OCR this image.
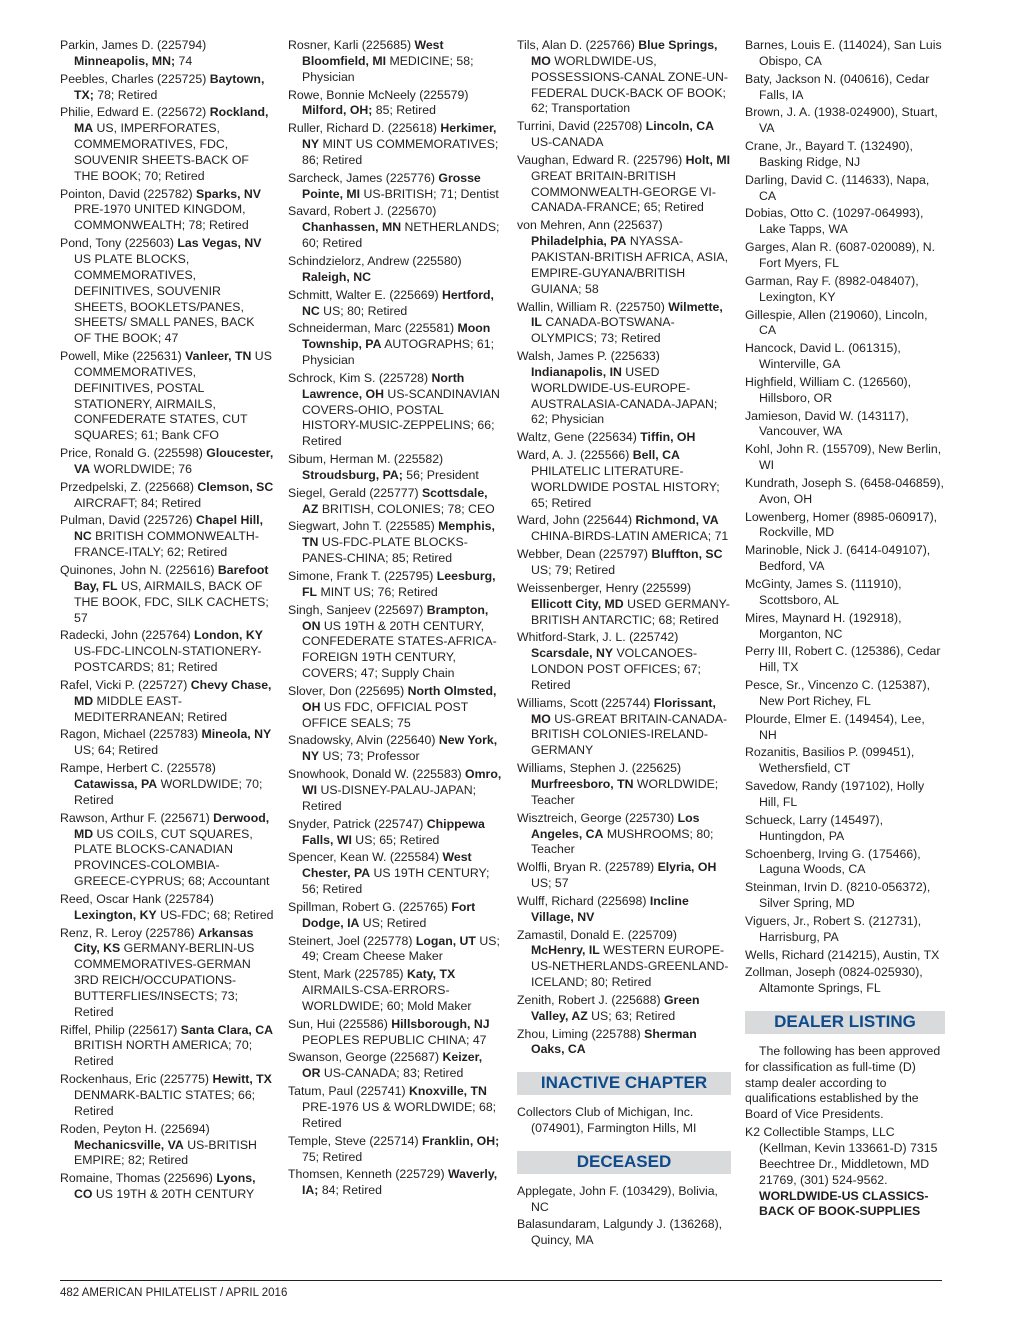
Parkin, James D. (225794) Minneapolis, MN; 74
Peebles, Charles (225725) Baytown, TX; 78; Retired
Philie, Edward E. (225672) Rockland, MA US, IMPERFORATES, COMMEMORATIVES, FDC, SOUVENIR SHEETS-BACK OF THE BOOK; 70; Retired
Pointon, David (225782) Sparks, NV PRE-1970 UNITED KINGDOM, COMMONWEALTH; 78; Retired
Pond, Tony (225603) Las Vegas, NV US PLATE BLOCKS, COMMEMORATIVES, DEFINITIVES, SOUVENIR SHEETS, BOOKLETS/PANES, SHEETS/ SMALL PANES, BACK OF THE BOOK; 47
Powell, Mike (225631) Vanleer, TN US COMMEMORATIVES, DEFINITIVES, POSTAL STATIONERY, AIRMAILS, CONFEDERATE STATES, CUT SQUARES; 61; Bank CFO
Price, Ronald G. (225598) Gloucester, VA WORLDWIDE; 76
Przedpelski, Z. (225668) Clemson, SC AIRCRAFT; 84; Retired
Pulman, David (225726) Chapel Hill, NC BRITISH COMMONWEALTH-FRANCE-ITALY; 62; Retired
Quinones, John N. (225616) Barefoot Bay, FL US, AIRMAILS, BACK OF THE BOOK, FDC, SILK CACHETS; 57
Radecki, John (225764) London, KY US-FDC-LINCOLN-STATIONERY-POSTCARDS; 81; Retired
Rafel, Vicki P. (225727) Chevy Chase, MD MIDDLE EAST-MEDITERRANEAN; Retired
Ragon, Michael (225783) Mineola, NY US; 64; Retired
Rampe, Herbert C. (225578) Catawissa, PA WORLDWIDE; 70; Retired
Rawson, Arthur F. (225671) Derwood, MD US COILS, CUT SQUARES, PLATE BLOCKS-CANADIAN PROVINCES-COLOMBIA-GREECE-CYPRUS; 68; Accountant
Reed, Oscar Hank (225784) Lexington, KY US-FDC; 68; Retired
Renz, R. Leroy (225786) Arkansas City, KS GERMANY-BERLIN-US COMMEMORATIVES-GERMAN 3RD REICH/OCCUPATIONS-BUTTERFLIES/INSECTS; 73; Retired
Riffel, Philip (225617) Santa Clara, CA BRITISH NORTH AMERICA; 70; Retired
Rockenhaus, Eric (225775) Hewitt, TX DENMARK-BALTIC STATES; 66; Retired
Roden, Peyton H. (225694) Mechanicsville, VA US-BRITISH EMPIRE; 82; Retired
Romaine, Thomas (225696) Lyons, CO US 19TH & 20TH CENTURY
Rosner, Karli (225685) West Bloomfield, MI MEDICINE; 58; Physician
Rowe, Bonnie McNeely (225579) Milford, OH; 85; Retired
Ruller, Richard D. (225618) Herkimer, NY MINT US COMMEMORATIVES; 86; Retired
Sarcheck, James (225776) Grosse Pointe, MI US-BRITISH; 71; Dentist
Savard, Robert J. (225670) Chanhassen, MN NETHERLANDS; 60; Retired
Schindzielorz, Andrew (225580) Raleigh, NC
Schmitt, Walter E. (225669) Hertford, NC US; 80; Retired
Schneiderman, Marc (225581) Moon Township, PA AUTOGRAPHS; 61; Physician
Schrock, Kim S. (225728) North Lawrence, OH US-SCANDINAVIAN COVERS-OHIO, POSTAL HISTORY-MUSIC-ZEPPELINS; 66; Retired
Sibum, Herman M. (225582) Stroudsburg, PA; 56; President
Siegel, Gerald (225777) Scottsdale, AZ BRITISH, COLONIES; 78; CEO
Siegwart, John T. (225585) Memphis, TN US-FDC-PLATE BLOCKS-PANES-CHINA; 85; Retired
Simone, Frank T. (225795) Leesburg, FL MINT US; 76; Retired
Singh, Sanjeev (225697) Brampton, ON US 19TH & 20TH CENTURY, CONFEDERATE STATES-AFRICA-FOREIGN 19TH CENTURY, COVERS; 47; Supply Chain
Slover, Don (225695) North Olmsted, OH US FDC, OFFICIAL POST OFFICE SEALS; 75
Snadowsky, Alvin (225640) New York, NY US; 73; Professor
Snowhook, Donald W. (225583) Omro, WI US-DISNEY-PALAU-JAPAN; Retired
Snyder, Patrick (225747) Chippewa Falls, WI US; 65; Retired
Spencer, Kean W. (225584) West Chester, PA US 19TH CENTURY; 56; Retired
Spillman, Robert G. (225765) Fort Dodge, IA US; Retired
Steinert, Joel (225778) Logan, UT US; 49; Cream Cheese Maker
Stent, Mark (225785) Katy, TX AIRMAILS-CSA-ERRORS-WORLDWIDE; 60; Mold Maker
Sun, Hui (225586) Hillsborough, NJ PEOPLES REPUBLIC CHINA; 47
Swanson, George (225687) Keizer, OR US-CANADA; 83; Retired
Tatum, Paul (225741) Knoxville, TN PRE-1976 US & WORLDWIDE; 68; Retired
Temple, Steve (225714) Franklin, OH; 75; Retired
Thomsen, Kenneth (225729) Waverly, IA; 84; Retired
Tils, Alan D. (225766) Blue Springs, MO WORLDWIDE-US, POSSESSIONS-CANAL ZONE-UN-FEDERAL DUCK-BACK OF BOOK; 62; Transportation
Turrini, David (225708) Lincoln, CA US-CANADA
Vaughan, Edward R. (225796) Holt, MI GREAT BRITAIN-BRITISH COMMONWEALTH-GEORGE VI-CANADA-FRANCE; 65; Retired
von Mehren, Ann (225637) Philadelphia, PA NYASSA-PAKISTAN-BRITISH AFRICA, ASIA, EMPIRE-GUYANA/BRITISH GUIANA; 58
Wallin, William R. (225750) Wilmette, IL CANADA-BOTSWANA-OLYMPICS; 73; Retired
Walsh, James P. (225633) Indianapolis, IN USED WORLDWIDE-US-EUROPE-AUSTRALASIA-CANADA-JAPAN; 62; Physician
Waltz, Gene (225634) Tiffin, OH
Ward, A. J. (225566) Bell, CA PHILATELIC LITERATURE-WORLDWIDE POSTAL HISTORY; 65; Retired
Ward, John (225644) Richmond, VA CHINA-BIRDS-LATIN AMERICA; 71
Webber, Dean (225797) Bluffton, SC US; 79; Retired
Weissenberger, Henry (225599) Ellicott City, MD USED GERMANY-BRITISH ANTARCTIC; 68; Retired
Whitford-Stark, J. L. (225742) Scarsdale, NY VOLCANOES-LONDON POST OFFICES; 67; Retired
Williams, Scott (225744) Florissant, MO US-GREAT BRITAIN-CANADA-BRITISH COLONIES-IRELAND-GERMANY
Williams, Stephen J. (225625) Murfreesboro, TN WORLDWIDE; Teacher
Wisztreich, George (225730) Los Angeles, CA MUSHROOMS; 80; Teacher
Wolfli, Bryan R. (225789) Elyria, OH US; 57
Wulff, Richard (225698) Incline Village, NV
Zamastil, Donald E. (225709) McHenry, IL WESTERN EUROPE-US-NETHERLANDS-GREENLAND-ICELAND; 80; Retired
Zenith, Robert J. (225688) Green Valley, AZ US; 63; Retired
Zhou, Liming (225788) Sherman Oaks, CA
INACTIVE CHAPTER
Collectors Club of Michigan, Inc. (074901), Farmington Hills, MI
DECEASED
Applegate, John F. (103429), Bolivia, NC
Balasundaram, Lalgundy J. (136268), Quincy, MA
Barnes, Louis E. (114024), San Luis Obispo, CA
Baty, Jackson N. (040616), Cedar Falls, IA
Brown, J. A. (1938-024900), Stuart, VA
Crane, Jr., Bayard T. (132490), Basking Ridge, NJ
Darling, David C. (114633), Napa, CA
Dobias, Otto C. (10297-064993), Lake Tapps, WA
Garges, Alan R. (6087-020089), N. Fort Myers, FL
Garman, Ray F. (8982-048407), Lexington, KY
Gillespie, Allen (219060), Lincoln, CA
Hancock, David L. (061315), Winterville, GA
Highfield, William C. (126560), Hillsboro, OR
Jamieson, David W. (143117), Vancouver, WA
Kohl, John R. (155709), New Berlin, WI
Kundrath, Joseph S. (6458-046859), Avon, OH
Lowenberg, Homer (8985-060917), Rockville, MD
Marinoble, Nick J. (6414-049107), Bedford, VA
McGinty, James S. (111910), Scottsboro, AL
Mires, Maynard H. (192918), Morganton, NC
Perry III, Robert C. (125386), Cedar Hill, TX
Pesce, Sr., Vincenzo C. (125387), New Port Richey, FL
Plourde, Elmer E. (149454), Lee, NH
Rozanitis, Basilios P. (099451), Wethersfield, CT
Savedow, Randy (197102), Holly Hill, FL
Schueck, Larry (145497), Huntingdon, PA
Schoenberg, Irving G. (175466), Laguna Woods, CA
Steinman, Irvin D. (8210-056372), Silver Spring, MD
Viguers, Jr., Robert S. (212731), Harrisburg, PA
Wells, Richard (214215), Austin, TX
Zollman, Joseph (0824-025930), Altamonte Springs, FL
DEALER LISTING
The following has been approved for classification as full-time (D) stamp dealer according to qualifications established by the Board of Vice Presidents.
K2 Collectible Stamps, LLC (Kellman, Kevin 133661-D) 7315 Beechtree Dr., Middletown, MD 21769, (301) 524-9562. WORLDWIDE-US CLASSICS-BACK OF BOOK-SUPPLIES
482 AMERICAN PHILATELIST / APRIL 2016
